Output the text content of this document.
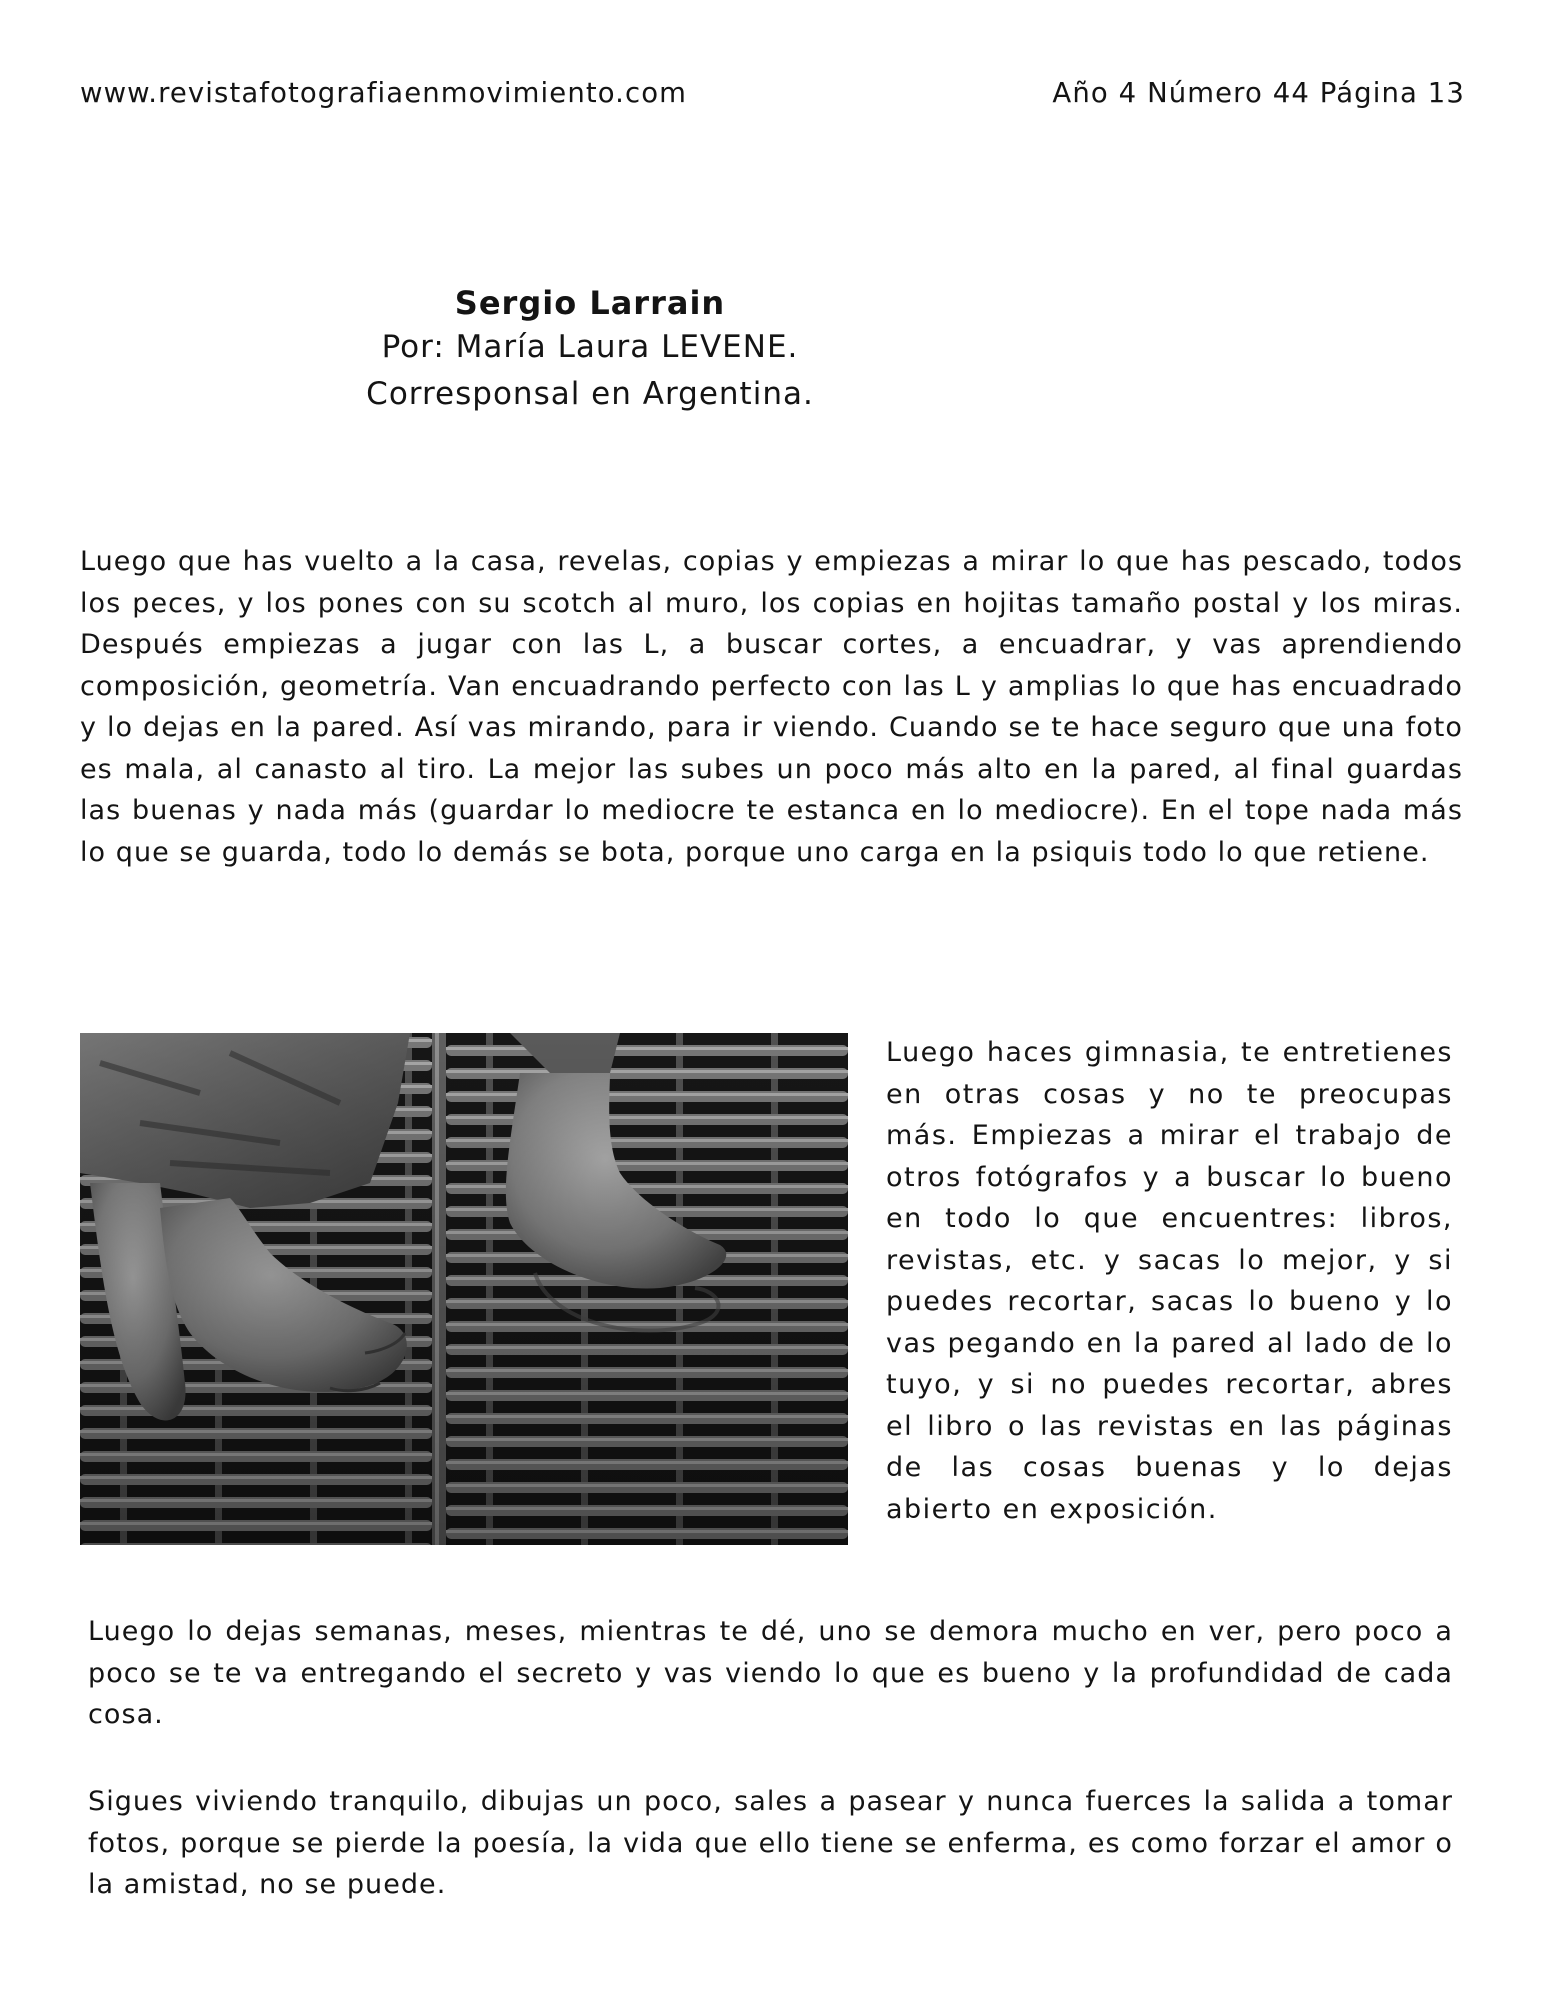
www.revistafotografiaenmovimiento.com	Año 4 Número 44 Página 13
Sergio Larrain
Por: María Laura LEVENE.
Corresponsal en Argentina.

Luego que has vuelto a la casa, revelas, copias y empiezas a mirar lo que has pescado, todos los peces, y los pones con su scotch al muro, los copias en hojitas tamaño postal y los miras. Después empiezas a jugar con las L, a buscar cortes, a encuadrar, y vas aprendiendo composición, geometría. Van encuadrando perfecto con las L y amplias lo que has encuadrado y lo dejas en la pared. Así vas mirando, para ir viendo. Cuando se te hace seguro que una foto es mala, al canasto al tiro. La mejor las subes un poco más alto en la pared, al final guardas las buenas y nada más (guardar lo mediocre te estanca en lo mediocre). En el tope nada más lo que se guarda, todo lo demás se bota, porque uno carga en la psiquis todo lo que retiene.

Luego haces gimnasia, te entretienes en otras cosas y no te preocupas más. Empiezas a mirar el trabajo de otros fotógrafos y a buscar lo bueno en todo lo que encuentres: libros, revistas, etc. y sacas lo mejor, y si puedes recortar, sacas lo bueno y lo vas pegando en la pared al lado de lo tuyo, y si no puedes recortar, abres el libro o las revistas en las páginas de las cosas buenas y lo dejas abierto en exposición.

Luego lo dejas semanas, meses, mientras te dé, uno se demora mucho en ver, pero poco a poco se te va entregando el secreto y vas viendo lo que es bueno y la profundidad de cada cosa.

Sigues viviendo tranquilo, dibujas un poco, sales a pasear y nunca fuerces la salida a tomar fotos, porque se pierde la poesía, la vida que ello tiene se enferma, es como forzar el amor o la amistad, no se puede.
